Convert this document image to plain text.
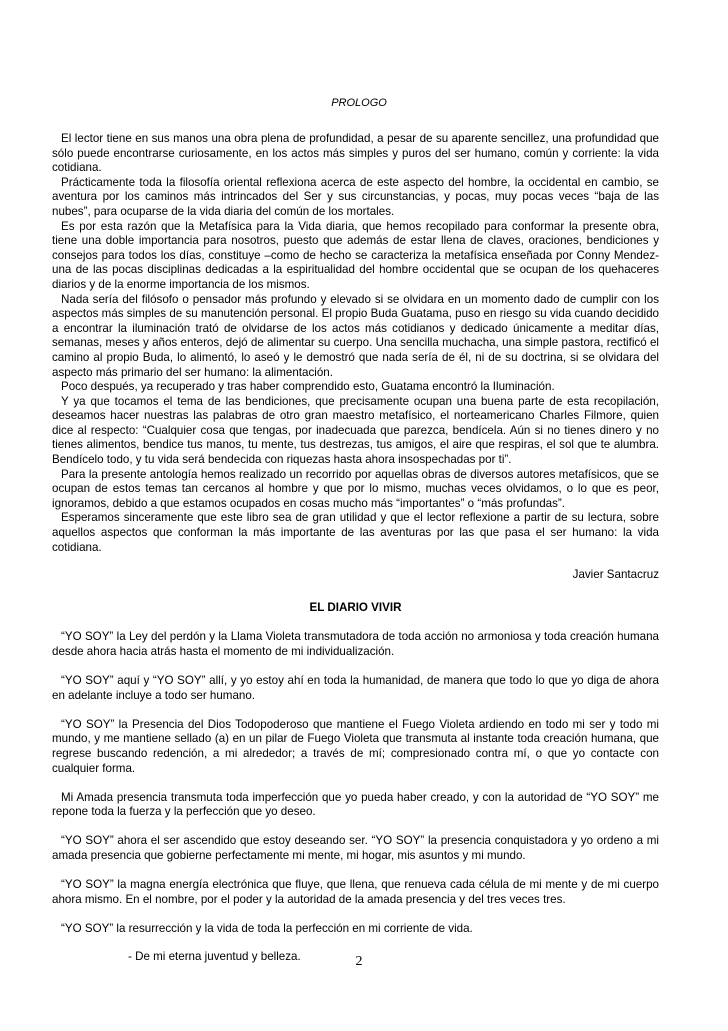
PROLOGO

El lector tiene en sus manos una obra plena de profundidad, a pesar de su aparente sencillez, una profundidad que sólo puede encontrarse curiosamente, en los actos más simples y puros del ser humano, común y corriente: la vida cotidiana.

Prácticamente toda la filosofía oriental reflexiona acerca de este aspecto del hombre, la occidental en cambio, se aventura por los caminos más intrincados del Ser y sus circunstancias, y pocas, muy pocas veces “baja de las nubes”, para ocuparse de la vida diaria del común de los mortales.

Es por esta razón que la Metafísica para la Vida diaria, que hemos recopilado para conformar la presente obra, tiene una doble importancia para nosotros, puesto que además de estar llena de claves, oraciones, bendiciones y consejos para todos los días, constituye –como de hecho se caracteriza la metafísica enseñada por Conny Mendez- una de las pocas disciplinas dedicadas a la espiritualidad del hombre occidental que se ocupan de los quehaceres diarios y de la enorme importancia de los mismos.

Nada sería del filósofo o pensador más profundo y elevado si se olvidara en un momento dado de cumplir con los aspectos más simples de su manutención personal. El propio Buda Guatama, puso en riesgo su vida cuando decidido a encontrar la iluminación trató de olvidarse de los actos más cotidianos y dedicado únicamente a meditar días, semanas, meses y años enteros, dejó de alimentar su cuerpo. Una sencilla muchacha, una simple pastora, rectificó el camino al propio Buda, lo alimentó, lo aseó y le demostró que nada sería de él, ni de su doctrina, si se olvidara del aspecto más primario del ser humano: la alimentación.

Poco después, ya recuperado y tras haber comprendido esto, Guatama encontró la Iluminación.

Y ya que tocamos el tema de las bendiciones, que precisamente ocupan una buena parte de esta recopilación, deseamos hacer nuestras las palabras de otro gran maestro metafísico, el norteamericano Charles Filmore, quien dice al respecto: “Cualquier cosa que tengas, por inadecuada que parezca, bendícela. Aún si no tienes dinero y no tienes alimentos, bendice tus manos, tu mente, tus destrezas, tus amigos, el aire que respiras, el sol que te alumbra. Bendícelo todo, y tu vida será bendecida con riquezas hasta ahora insospechadas por ti”.

Para la presente antología hemos realizado un recorrido por aquellas obras de diversos autores metafísicos, que se ocupan de estos temas tan cercanos al hombre y que por lo mismo, muchas veces olvidamos, o lo que es peor, ignoramos, debido a que estamos ocupados en cosas mucho más “importantes” o “más profundas”.

Esperamos sinceramente que este libro sea de gran utilidad y que el lector reflexione a partir de su lectura, sobre aquellos aspectos que conforman la más importante de las aventuras por las que pasa el ser humano: la vida cotidiana.

Javier Santacruz
EL DIARIO VIVIR

“YO SOY” la Ley del perdón y la Llama Violeta transmutadora de toda acción no armoniosa y toda creación humana desde ahora hacia atrás hasta el momento de mi individualización.

“YO SOY” aquí y “YO SOY” allí, y yo estoy ahí en toda la humanidad, de manera que todo lo que yo diga de ahora en adelante incluye a todo ser humano.

“YO SOY” la Presencia del Dios Todopoderoso que mantiene el Fuego Violeta ardiendo en todo mi ser y todo mi mundo, y me mantiene sellado (a) en un pilar de Fuego Violeta que transmuta al instante toda creación humana, que regrese buscando redención, a mi alrededor; a través de mí; compresionado contra mí, o que yo contacte con cualquier forma.

Mi Amada presencia transmuta toda imperfección que yo pueda haber creado, y con la autoridad de “YO SOY” me repone toda la fuerza y la perfección que yo deseo.

“YO SOY” ahora el ser ascendido que estoy deseando ser. “YO SOY” la presencia conquistadora y yo ordeno a mi amada presencia que gobierne perfectamente mi mente, mi hogar, mis asuntos y mi mundo.

“YO SOY” la magna energía electrónica que fluye, que llena, que renueva cada célula de mi mente y de mi cuerpo ahora mismo. En el nombre, por el poder y la autoridad de la amada presencia y del tres veces tres.

“YO SOY” la resurrección y la vida de toda la perfección en mi corriente de vida.

- De mi eterna juventud y belleza.	2
